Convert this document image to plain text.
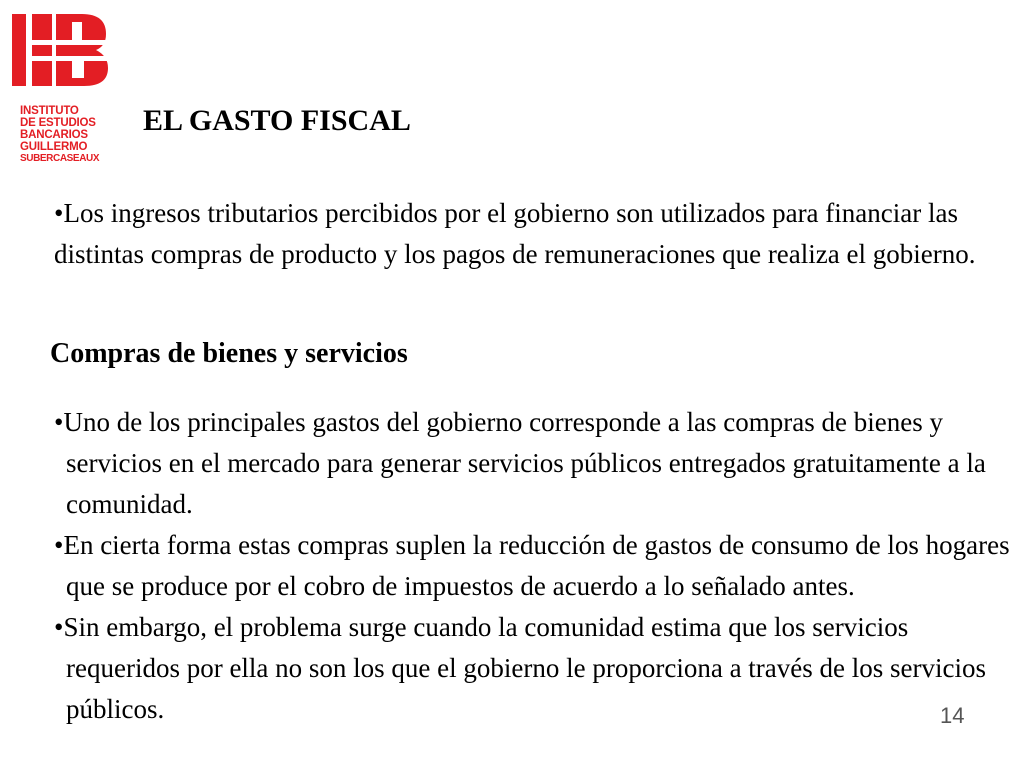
INSTITUTO
DE ESTUDIOS
BANCARIOS
GUILLERMO
SUBERCASEAUX
EL GASTO FISCAL
•Los ingresos tributarios percibidos por el gobierno son utilizados para financiar las distintas compras de producto y los pagos de remuneraciones que realiza el gobierno.
Compras de bienes y servicios
•Uno de los principales gastos del gobierno corresponde a las compras de bienes y servicios en el mercado para generar servicios públicos entregados gratuitamente a la comunidad.
•En cierta forma estas compras suplen la reducción de gastos de consumo de los hogares que se produce por el cobro de impuestos de acuerdo a lo señalado antes.
•Sin embargo, el problema surge cuando la comunidad estima que los servicios requeridos por ella no son los que el gobierno le proporciona a través de los servicios públicos.	14
